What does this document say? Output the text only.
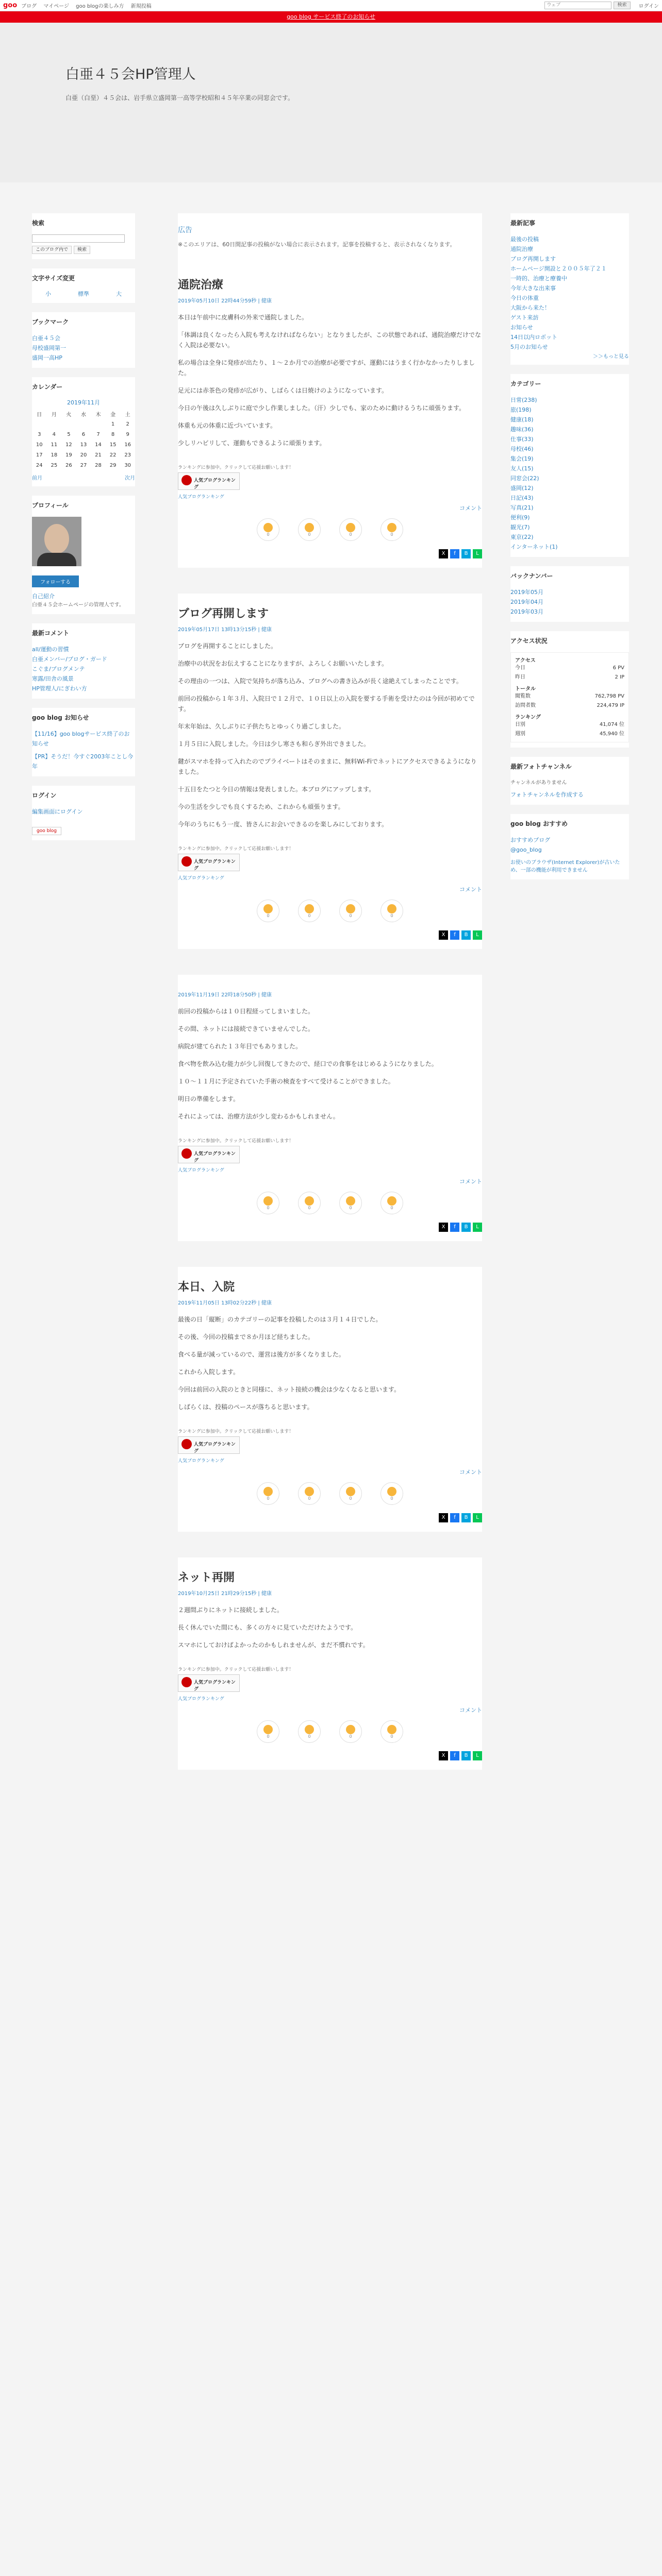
goo ブログ マイページ goo blogの楽しみ方 新規投稿	ウェブ	検索	ログイン
goo blog サービス終了のお知らせ
白亜４５会HP管理人

白亜（白堊）４５会は、岩手県立盛岡第一高等学校昭和４５年卒業の同窓会です。

検索
このブログ内で	検索
文字サイズ変更
小	標準	大
ブックマーク
白亜４５会
母校盛岡第一
盛岡一高HP
カレンダー
2019年11月
日	月	火	水	木	金	土
					1	2
3	4	5	6	7	8	9
10	11	12	13	14	15	16
17	18	19	20	21	22	23
24	25	26	27	28	29	30
前月	次月
プロフィール
フォローする
自己紹介
白亜４５会ホームページの管理人です。
最新コメント
all/運動の習慣
白亜メンバー/ブログ・ガード
こぐま/ブログメンテ
寒露/田舎の風景
HP管理人/にぎわい方
goo blog お知らせ
【11/16】goo blogサービス終了のお知らせ
【PR】そうだ！今すぐ2003年ことし今年
ログイン
編集画面にログイン
goo blog
広告
※このエリアは、60日間記事の投稿がない場合に表示されます。記事を投稿すると、表示されなくなります。
通院治療
2019年05月10日 22時44分59秒 | 健康

本日は午前中に皮膚科の外来で通院しました。

「体調は良くなったら入院も考えなければならない」となりましたが、この状態であれば、通院治療だけでなく入院は必要ない。

私の場合は全身に発疹が出たり、１～２か月での治療が必要ですが、運動にはうまく行かなかったりしました。

足元には赤茶色の発疹が広がり、しばらくは日焼けのようになっています。

今日の午後は久しぶりに庭で少し作業しました。（汗）少しでも、家のために動けるうちに頑張ります。

体重も元の体重に近づいています。

少しリハビリして、運動もできるように頑張ります。

ランキングに参加中。クリックして応援お願いします！
人気ブログランキング
人気ブログランキング
コメント
0	0	0	0
X	f	B	L
ブログ再開します
2019年05月17日 13時13分15秒 | 健康

ブログを再開することにしました。

治療中の状況をお伝えすることになりますが、よろしくお願いいたします。

その理由の一つは、入院で気持ちが落ち込み、ブログへの書き込みが長く途絶えてしまったことです。

前回の投稿から１年３月、入院日で１２月で、１０日以上の入院を要する手術を受けたのは今回が初めてです。

年末年始は、久しぶりに子供たちとゆっくり過ごしました。

１月５日に入院しました。今日は少し寒さも和らぎ外出できました。

鍵がスマホを持って入れたのでプライベートはそのままに、無料Wi-Fiでネットにアクセスできるようになりました。

十五日をたつと今日の情報は発表しました。本ブログにアップします。

今の生活を少しでも良くするため、これからも頑張ります。

今年のうちにもう一度、皆さんにお会いできるのを楽しみにしております。

ランキングに参加中。クリックして応援お願いします！
人気ブログランキング
人気ブログランキング
コメント
0	0	0	0
X	f	B	L
2019年11月19日 22時18分50秒 | 健康

前回の投稿からは１０日程経ってしまいました。

その間、ネットには接続できていませんでした。

病院が建てられた１３年目でもありました。

食べ物を飲み込む能力が少し回復してきたので、経口での食事をはじめるようになりました。

１０～１１月に予定されていた手術の検査をすべて受けることができました。

明日の準備をします。

それによっては、治療方法が少し変わるかもしれません。

ランキングに参加中。クリックして応援お願いします！
人気ブログランキング
人気ブログランキング
コメント
0	0	0	0
X	f	B	L
本日、入院
2019年11月05日 13時02分22秒 | 健康

最後の日「縦断」のカテゴリーの記事を投稿したのは３月１４日でした。

その後、今回の投稿まで８か月ほど経ちました。

食べる量が減っているので、運営は後方が多くなりました。

これから入院します。

今回は前回の入院のときと同様に、ネット接続の機会は少なくなると思います。

しばらくは、投稿のペースが落ちると思います。

ランキングに参加中。クリックして応援お願いします！
人気ブログランキング
人気ブログランキング
コメント
0	0	0	0
X	f	B	L
ネット再開
2019年10月25日 21時29分15秒 | 健康

２週間ぶりにネットに接続しました。

長く休んでいた間にも、多くの方々に見ていただけたようです。

スマホにしておけばよかったのかもしれませんが、まだ不慣れです。

ランキングに参加中。クリックして応援お願いします！
人気ブログランキング
人気ブログランキング
コメント
0	0	0	0
X	f	B	L
最新記事
最後の投稿
通院治療
ブログ再開します
ホームページ開設と２００５年了２１
一時的、治療と療養中
今年大きな出来事
今日の体重
大阪から来た！
ゲスト来訪
お知らせ
14日以内ロボット
5月のお知らせ
＞＞もっと見る
カテゴリー
日常(238)
旅(198)
健康(18)
趣味(36)
仕事(33)
母校(46)
集会(19)
友人(15)
同窓会(22)
盛岡(12)
日記(43)
写真(21)
便利(9)
観光(7)
東京(22)
インターネット(1)
バックナンバー
2019年05月
2019年04月
2019年03月
アクセス状況
アクセス
今日	6 PV
昨日	2 IP
トータル
閲覧数	762,798 PV
訪問者数	224,479 IP
ランキング
日別	41,074 位
週別	45,940 位
最新フォトチャンネル
チャンネルがありません
フォトチャンネルを作成する
goo blog おすすめ
おすすめブログ
@goo_blog
お使いのブラウザ(Internet Explorer)が古いため、一部の機能が利用できません
